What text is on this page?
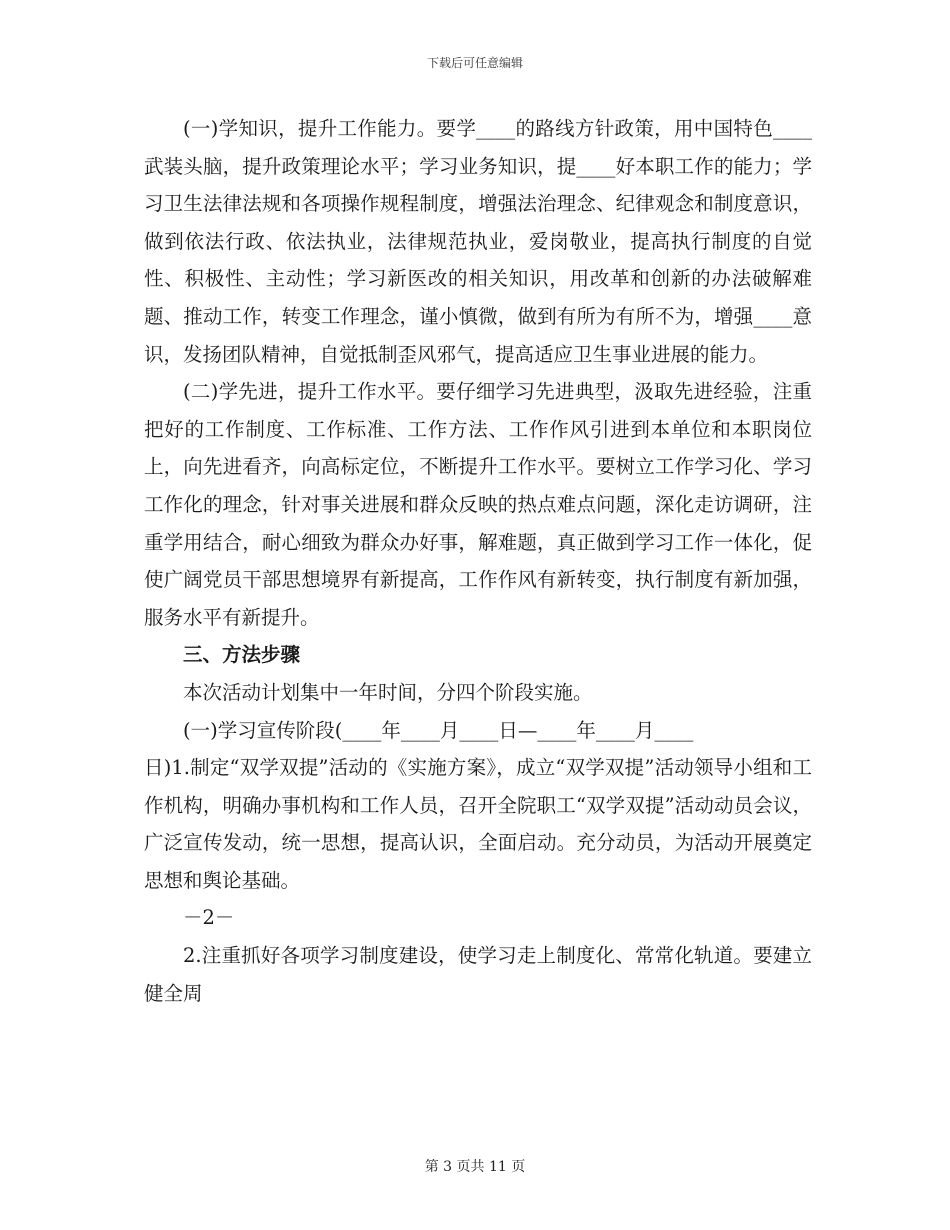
下载后可任意编辑

(一)学知识，提升工作能力。要学____的路线方针政策，用中国特色____武装头脑，提升政策理论水平；学习业务知识，提____好本职工作的能力；学习卫生法律法规和各项操作规程制度，增强法治理念、纪律观念和制度意识，做到依法行政、依法执业，法律规范执业，爱岗敬业，提高执行制度的自觉性、积极性、主动性；学习新医改的相关知识，用改革和创新的办法破解难题、推动工作，转变工作理念，谨小慎微，做到有所为有所不为，增强____意识，发扬团队精神，自觉抵制歪风邪气，提高适应卫生事业进展的能力。

(二)学先进，提升工作水平。要仔细学习先进典型，汲取先进经验，注重把好的工作制度、工作标准、工作方法、工作作风引进到本单位和本职岗位上，向先进看齐，向高标定位，不断提升工作水平。要树立工作学习化、学习工作化的理念，针对事关进展和群众反映的热点难点问题，深化走访调研，注重学用结合，耐心细致为群众办好事，解难题，真正做到学习工作一体化，促使广阔党员干部思想境界有新提高，工作作风有新转变，执行制度有新加强，服务水平有新提升。

三、方法步骤

本次活动计划集中一年时间，分四个阶段实施。

(一)学习宣传阶段(____年____月____日—____年____月____

日)1.制定“双学双提”活动的《实施方案》，成立“双学双提”活动领导小组和工作机构，明确办事机构和工作人员，召开全院职工“双学双提”活动动员会议，广泛宣传发动，统一思想，提高认识，全面启动。充分动员，为活动开展奠定思想和舆论基础。

－2－

2.注重抓好各项学习制度建设，使学习走上制度化、常常化轨道。要建立健全周

第 3 页共 11 页
